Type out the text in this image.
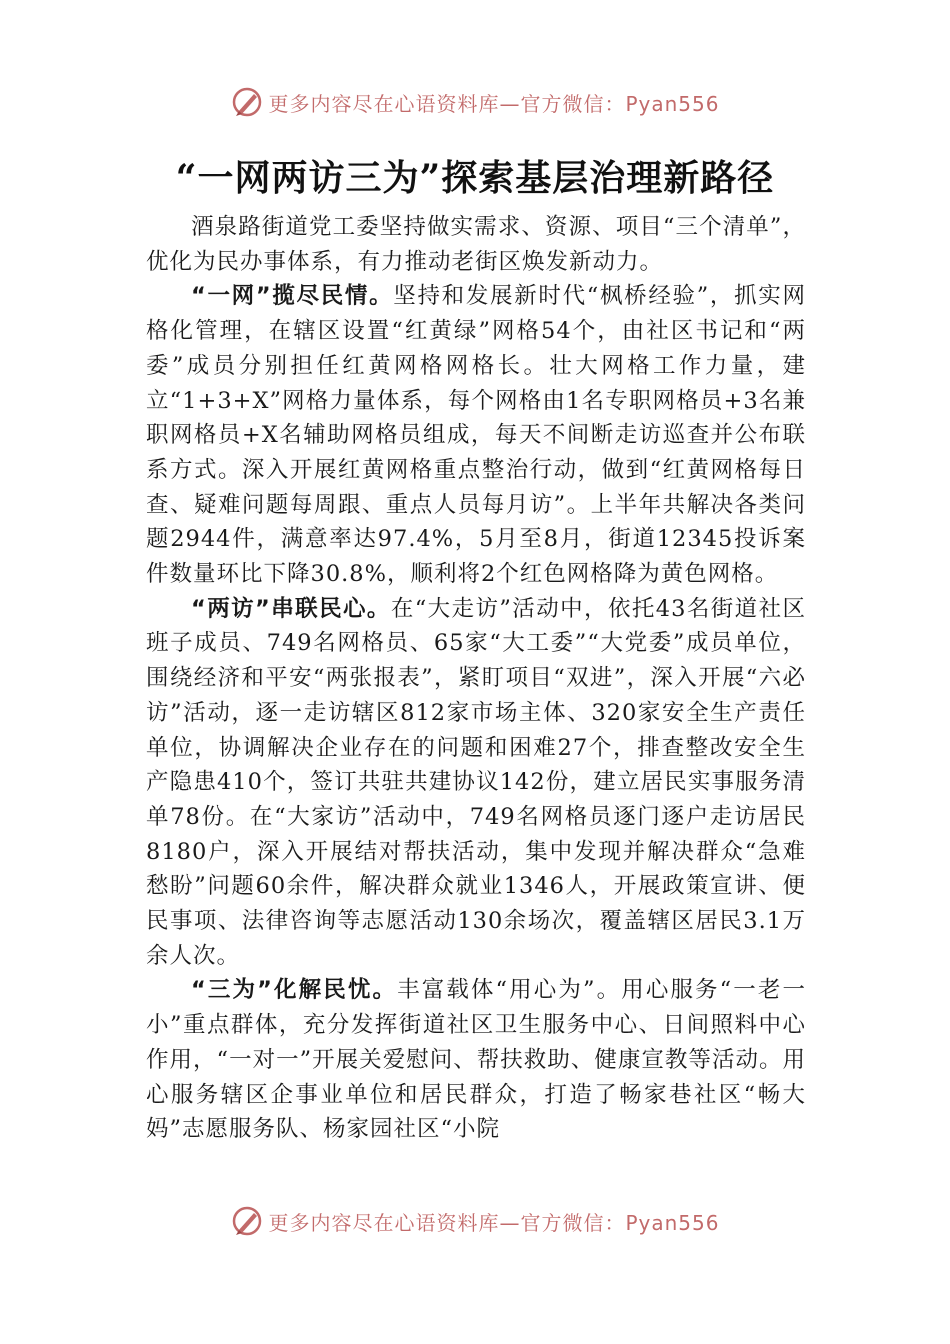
更多内容尽在心语资料库—官方微信：Pyan556
“一网两访三为”探索基层治理新路径

酒泉路街道党工委坚持做实需求、资源、项目“三个清单”，优化为民办事体系，有力推动老街区焕发新动力。

“一网”揽尽民情。坚持和发展新时代“枫桥经验”，抓实网格化管理，在辖区设置“红黄绿”网格54个，由社区书记和“两委”成员分别担任红黄网格网格长。壮大网格工作力量，建立“1+3+X”网格力量体系，每个网格由1名专职网格员+3名兼职网格员+X名辅助网格员组成，每天不间断走访巡查并公布联系方式。深入开展红黄网格重点整治行动，做到“红黄网格每日查、疑难问题每周跟、重点人员每月访”。上半年共解决各类问题2944件，满意率达97.4%，5月至8月，街道12345投诉案件数量环比下降30.8%，顺利将2个红色网格降为黄色网格。

“两访”串联民心。在“大走访”活动中，依托43名街道社区班子成员、749名网格员、65家“大工委”“大党委”成员单位，围绕经济和平安“两张报表”，紧盯项目“双进”，深入开展“六必访”活动，逐一走访辖区812家市场主体、320家安全生产责任单位，协调解决企业存在的问题和困难27个，排查整改安全生产隐患410个，签订共驻共建协议142份，建立居民实事服务清单78份。在“大家访”活动中，749名网格员逐门逐户走访居民8180户，深入开展结对帮扶活动，集中发现并解决群众“急难愁盼”问题60余件，解决群众就业1346人，开展政策宣讲、便民事项、法律咨询等志愿活动130余场次，覆盖辖区居民3.1万余人次。

“三为”化解民忧。丰富载体“用心为”。用心服务“一老一小”重点群体，充分发挥街道社区卫生服务中心、日间照料中心作用，“一对一”开展关爱慰问、帮扶救助、健康宣教等活动。用心服务辖区企事业单位和居民群众，打造了畅家巷社区“畅大妈”志愿服务队、杨家园社区“小院

更多内容尽在心语资料库—官方微信：Pyan556
